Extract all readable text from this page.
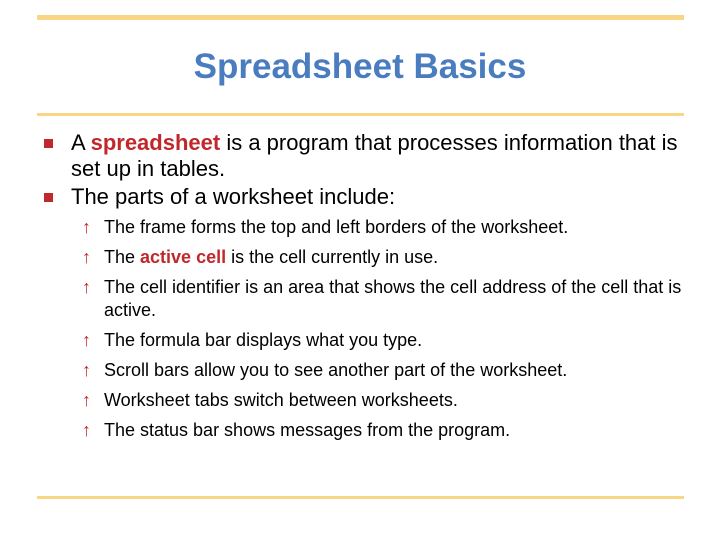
Spreadsheet Basics
A spreadsheet is a program that processes information that is set up in tables.
The parts of a worksheet include:
↑ The frame forms the top and left borders of the worksheet.
↑ The active cell is the cell currently in use.
↑ The cell identifier is an area that shows the cell address of the cell that is active.
↑ The formula bar displays what you type.
↑ Scroll bars allow you to see another part of the worksheet.
↑ Worksheet tabs switch between worksheets.
↑ The status bar shows messages from the program.
